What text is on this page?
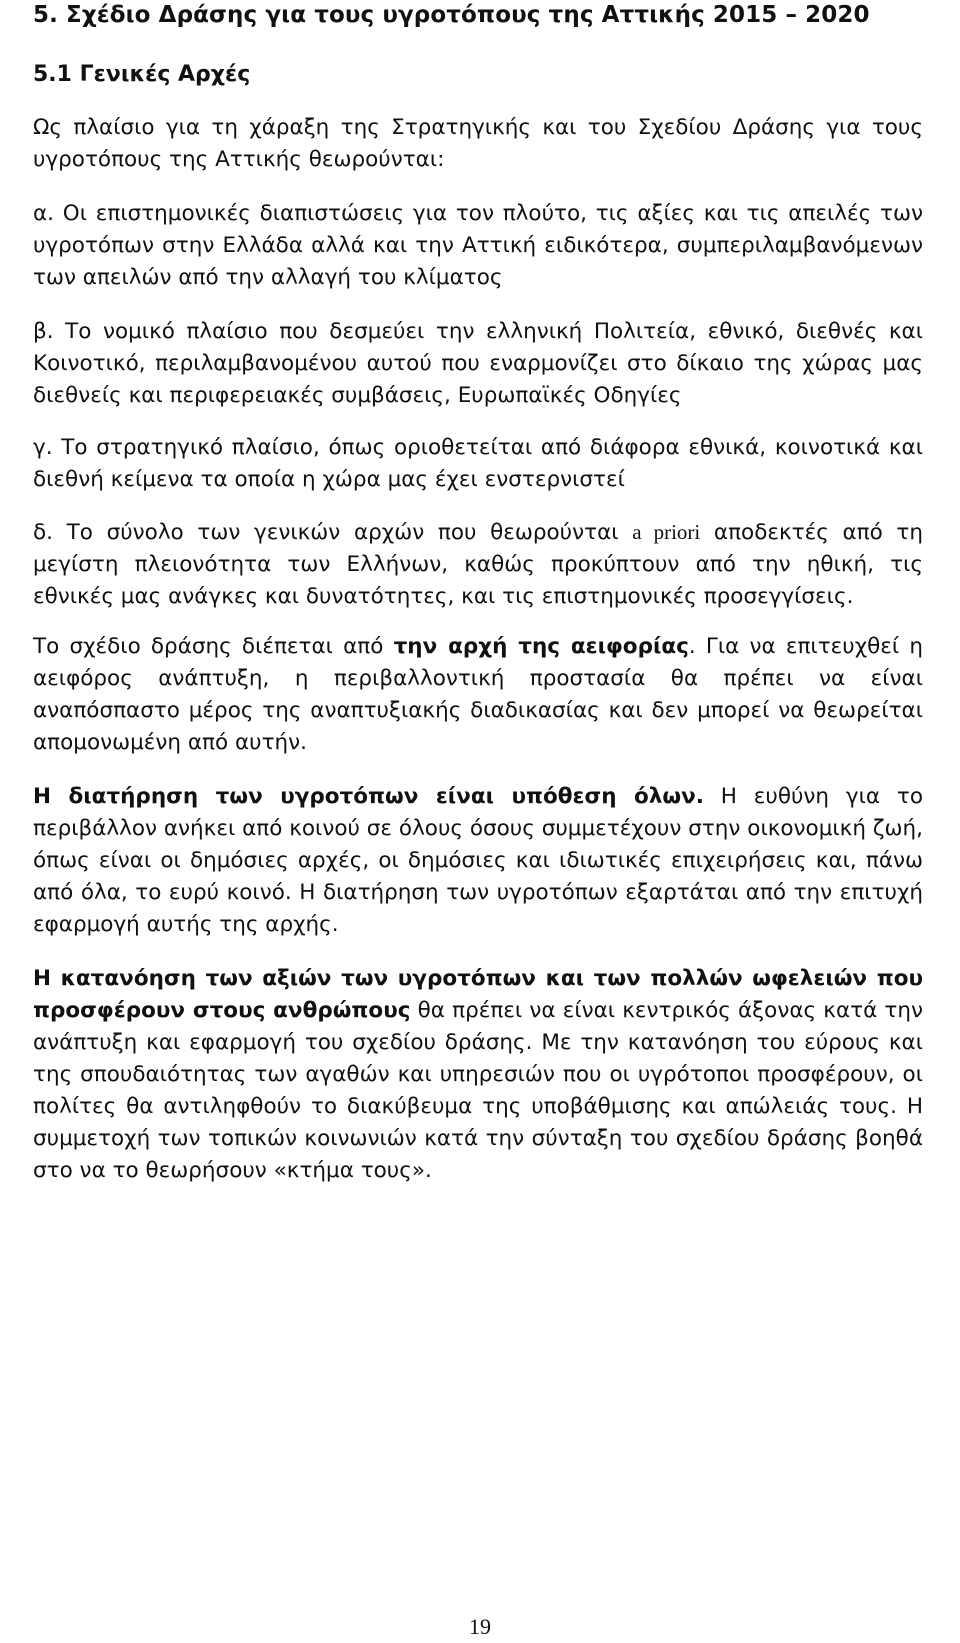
5. Σχέδιο Δράσης για τους υγροτόπους της Αττικής 2015 – 2020
5.1 Γενικές Αρχές

Ως πλαίσιο για τη χάραξη της Στρατηγικής και του Σχεδίου Δράσης για τους υγροτόπους της Αττικής θεωρούνται:

α. Οι επιστημονικές διαπιστώσεις για τον πλούτο, τις αξίες και τις απειλές των υγροτόπων στην Ελλάδα αλλά και την Αττική ειδικότερα, συμπεριλαμβανόμενων των απειλών από την αλλαγή του κλίματος

β. Το νομικό πλαίσιο που δεσμεύει την ελληνική Πολιτεία, εθνικό, διεθνές και Κοινοτικό, περιλαμβανομένου αυτού που εναρμονίζει στο δίκαιο της χώρας μας διεθνείς και περιφερειακές συμβάσεις, Ευρωπαϊκές Οδηγίες

γ. Το στρατηγικό πλαίσιο, όπως οριοθετείται από διάφορα εθνικά, κοινοτικά και διεθνή κείμενα τα οποία η χώρα μας έχει ενστερνιστεί

δ. Το σύνολο των γενικών αρχών που θεωρούνται a priori αποδεκτές από τη μεγίστη πλειονότητα των Ελλήνων, καθώς προκύπτουν από την ηθική, τις εθνικές μας ανάγκες και δυνατότητες, και τις επιστημονικές προσεγγίσεις.

Το σχέδιο δράσης διέπεται από την αρχή της αειφορίας. Για να επιτευχθεί η αειφόρος ανάπτυξη, η περιβαλλοντική προστασία θα πρέπει να είναι αναπόσπαστο μέρος της αναπτυξιακής διαδικασίας και δεν μπορεί να θεωρείται απομονωμένη από αυτήν.

Η διατήρηση των υγροτόπων είναι υπόθεση όλων. Η ευθύνη για το περιβάλλον ανήκει από κοινού σε όλους όσους συμμετέχουν στην οικονομική ζωή, όπως είναι οι δημόσιες αρχές, οι δημόσιες και ιδιωτικές επιχειρήσεις και, πάνω από όλα, το ευρύ κοινό. Η διατήρηση των υγροτόπων εξαρτάται από την επιτυχή εφαρμογή αυτής της αρχής.

Η κατανόηση των αξιών των υγροτόπων και των πολλών ωφελειών που προσφέρουν στους ανθρώπους θα πρέπει να είναι κεντρικός άξονας κατά την ανάπτυξη και εφαρμογή του σχεδίου δράσης. Με την κατανόηση του εύρους και της σπουδαιότητας των αγαθών και υπηρεσιών που οι υγρότοποι προσφέρουν, οι πολίτες θα αντιληφθούν το διακύβευμα της υποβάθμισης και απώλειάς τους. Η συμμετοχή των τοπικών κοινωνιών κατά την σύνταξη του σχεδίου δράσης βοηθά στο να το θεωρήσουν «κτήμα τους».

19
